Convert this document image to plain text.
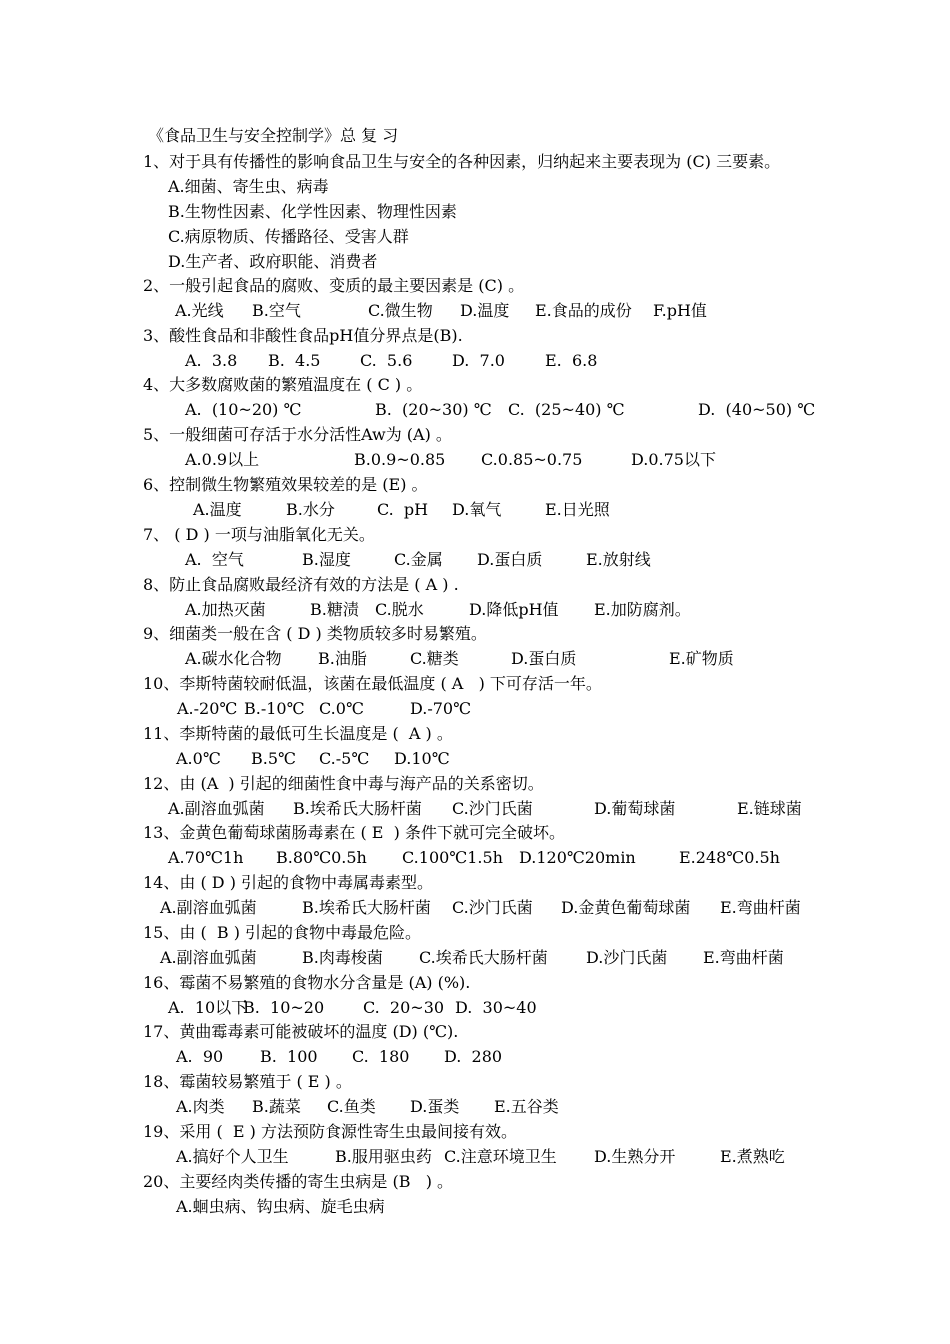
《食品卫生与安全控制学》总 复 习
1、对于具有传播性的影响食品卫生与安全的各种因素，归纳起来主要表现为 (C) 三要素。
A.细菌、寄生虫、病毒
B.生物性因素、化学性因素、物理性因素
C.病原物质、传播路径、受害人群
D.生产者、政府职能、消费者
2、一般引起食品的腐败、变质的最主要因素是 (C) 。
A.光线 B.空气	C.微生物 D.温度 E.食品的成份 F.pH值
3、酸性食品和非酸性食品pH值分界点是(B).
A.  3.8 B.  4.5 C.  5.6 D.  7.0	E.  6.8
4、大多数腐败菌的繁殖温度在 ( C ) 。
A.  (10~20) ℃	B.  (20~30) ℃ C.  (25~40) ℃	D.  (40~50) ℃
5、一般细菌可存活于水分活性Aw为 (A) 。
A.0.9以上	B.0.9~0.85 C.0.85~0.75	D.0.75以下
6、控制微生物繁殖效果较差的是 (E) 。
A.温度	B.水分	C.  pH D.氧气	E.日光照
7、 ( D ) 一项与油脂氧化无关。
A.  空气	B.湿度	C.金属 D.蛋白质	E.放射线
8、防止食品腐败最经济有效的方法是 ( A ) .
A.加热灭菌	B.糖渍 C.脱水	D.降低pH值 E.加防腐剂。
9、细菌类一般在含 ( D ) 类物质较多时易繁殖。
A.碳水化合物 B.油脂	C.糖类	D.蛋白质	E.矿物质
10、李斯特菌较耐低温，该菌在最低温度 ( A   ) 下可存活一年。
A.-20℃ B.-10℃ C.0℃	D.-70℃
11、李斯特菌的最低可生长温度是 (  A ) 。
A.0℃ B.5℃ C.-5℃ D.10℃
12、由 (A  ) 引起的细菌性食中毒与海产品的关系密切。
A.副溶血弧菌 B.埃希氏大肠杆菌 C.沙门氏菌	D.葡萄球菌	E.链球菌
13、金黄色葡萄球菌肠毒素在 ( E  ) 条件下就可完全破坏。
A.70℃1h B.80℃0.5h C.100℃1.5h D.120℃20min	E.248℃0.5h
14、由 ( D ) 引起的食物中毒属毒素型。
A.副溶血弧菌	B.埃希氏大肠杆菌 C.沙门氏菌 D.金黄色葡萄球菌 E.弯曲杆菌
15、由 (  B ) 引起的食物中毒最危险。
A.副溶血弧菌	B.肉毒梭菌 C.埃希氏大肠杆菌 D.沙门氏菌 E.弯曲杆菌
16、霉菌不易繁殖的食物水分含量是 (A) (%).
A.  10以下
B.  10~20 C.  20~30 D.  30~40
17、黄曲霉毒素可能被破坏的温度 (D) (℃).
A.  90 B.  100 C.  180 D.  280
18、霉菌较易繁殖于 ( E ) 。
A.肉类 B.蔬菜 C.鱼类 D.蛋类 E.五谷类
19、采用 (  E ) 方法预防食源性寄生虫最间接有效。
A.搞好个人卫生	B.服用驱虫药 C.注意环境卫生 D.生熟分开	E.煮熟吃
20、主要经肉类传播的寄生虫病是 (B   ) 。
A.蛔虫病、钩虫病、旋毛虫病
